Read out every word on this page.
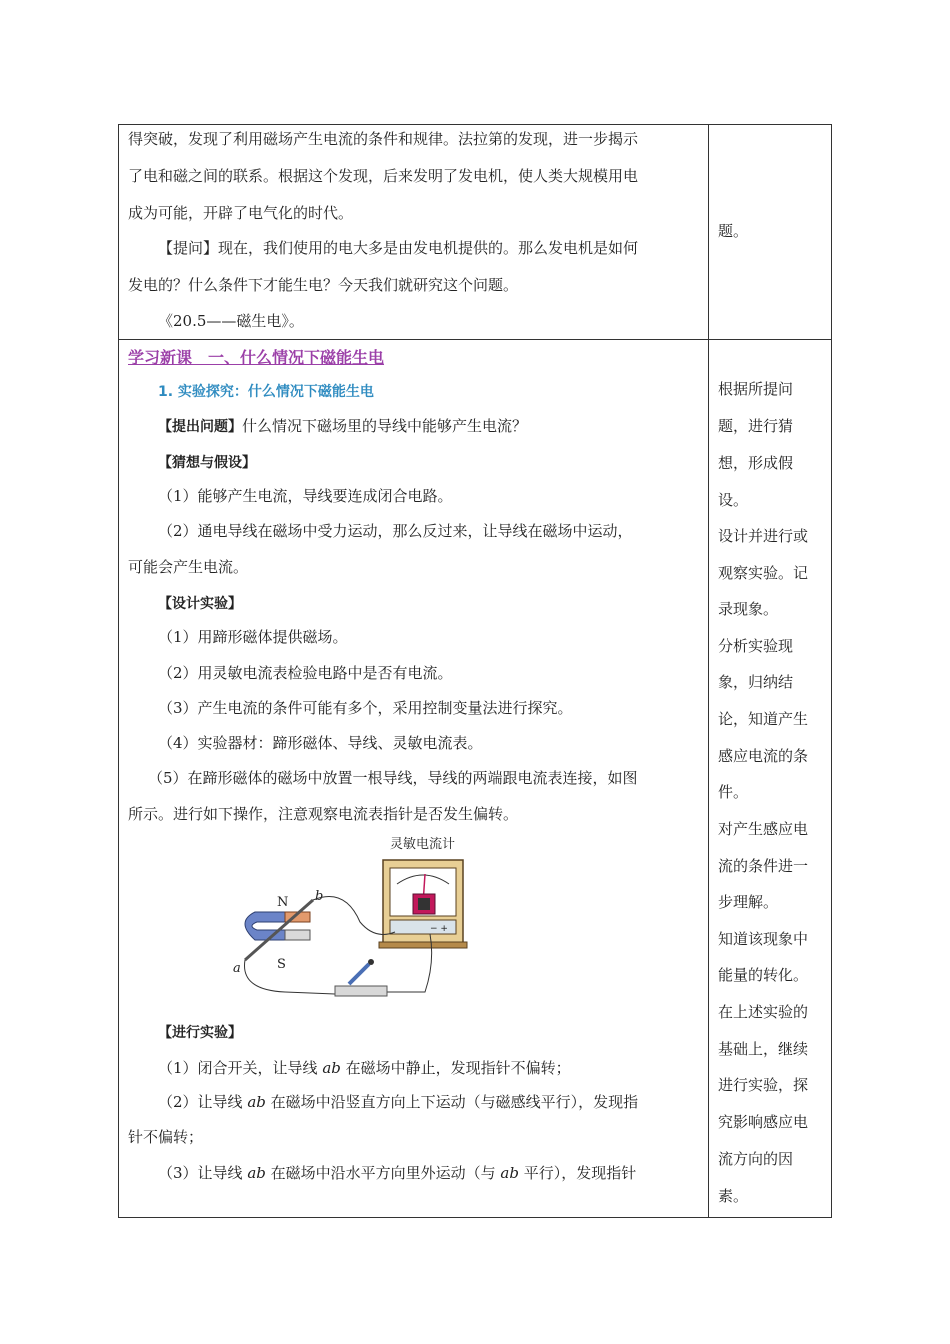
得突破，发现了利用磁场产生电流的条件和规律。法拉第的发现，进一步揭示
了电和磁之间的联系。根据这个发现，后来发明了发电机，使人类大规模用电
成为可能，开辟了电气化的时代。
【提问】现在，我们使用的电大多是由发电机提供的。那么发电机是如何
发电的？什么条件下才能生电？今天我们就研究这个问题。
《20.5——磁生电》。
题。
学习新课　一、什么情况下磁能生电
1. 实验探究：什么情况下磁能生电
【提出问题】什么情况下磁场里的导线中能够产生电流？
【猜想与假设】
（1）能够产生电流，导线要连成闭合电路。
（2）通电导线在磁场中受力运动，那么反过来，让导线在磁场中运动，
可能会产生电流。
【设计实验】
（1）用蹄形磁体提供磁场。
（2）用灵敏电流表检验电路中是否有电流。
（3）产生电流的条件可能有多个，采用控制变量法进行探究。
（4）实验器材：蹄形磁体、导线、灵敏电流表。
（5）在蹄形磁体的磁场中放置一根导线，导线的两端跟电流表连接，如图
所示。进行如下操作，注意观察电流表指针是否发生偏转。
灵敏电流计
− +
N
S
a
b
【进行实验】
（1）闭合开关，让导线 ab 在磁场中静止，发现指针不偏转；
（2）让导线 ab 在磁场中沿竖直方向上下运动（与磁感线平行），发现指
针不偏转；
（3）让导线 ab 在磁场中沿水平方向里外运动（与 ab 平行），发现指针
根据所提问
题，进行猜
想，形成假
设。
设计并进行或
观察实验。记
录现象。
分析实验现
象，归纳结
论，知道产生
感应电流的条
件。
对产生感应电
流的条件进一
步理解。
知道该现象中
能量的转化。
在上述实验的
基础上，继续
进行实验，探
究影响感应电
流方向的因
素。
